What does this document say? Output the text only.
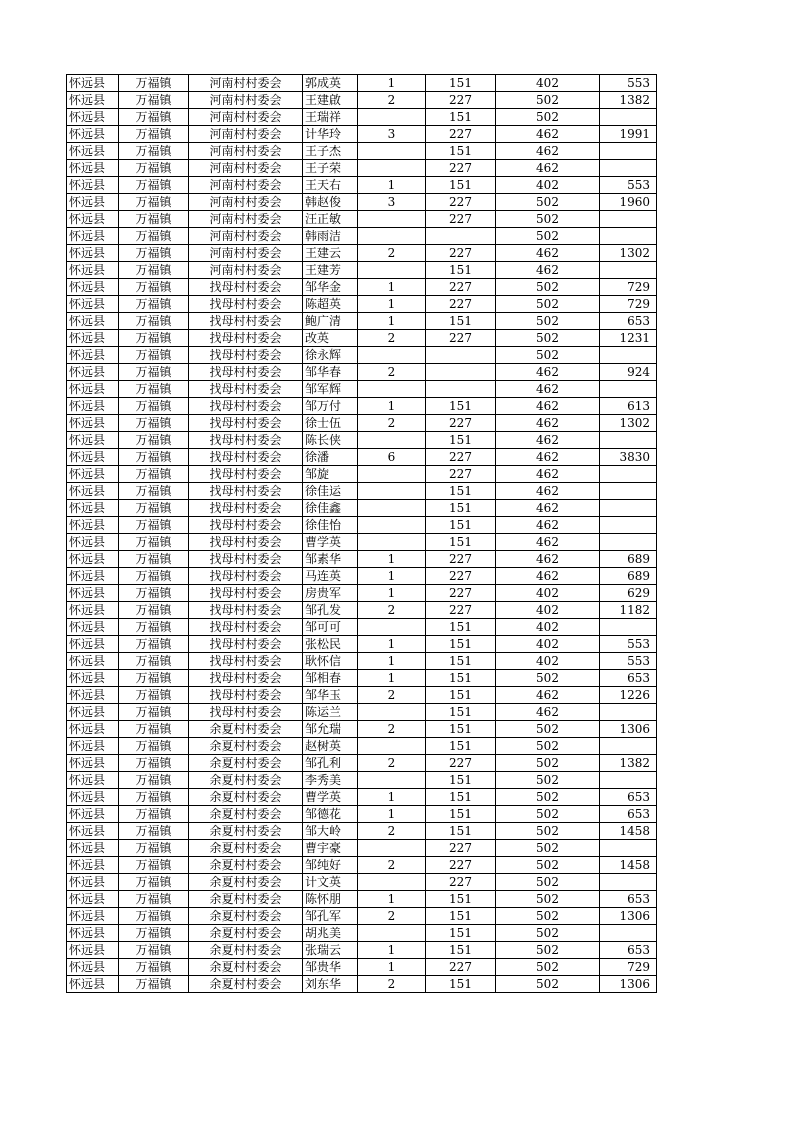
怀远县	万福镇	河南村村委会	郭成英	1	151	402	553
怀远县	万福镇	河南村村委会	王建啟	2	227	502	1382
怀远县	万福镇	河南村村委会	王瑞祥		151	502	
怀远县	万福镇	河南村村委会	计华玲	3	227	462	1991
怀远县	万福镇	河南村村委会	王子杰		151	462	
怀远县	万福镇	河南村村委会	王子荣		227	462	
怀远县	万福镇	河南村村委会	王天右	1	151	402	553
怀远县	万福镇	河南村村委会	韩赵俊	3	227	502	1960
怀远县	万福镇	河南村村委会	汪正敏		227	502	
怀远县	万福镇	河南村村委会	韩雨洁			502	
怀远县	万福镇	河南村村委会	王建云	2	227	462	1302
怀远县	万福镇	河南村村委会	王建芳		151	462	
怀远县	万福镇	找母村村委会	邹华金	1	227	502	729
怀远县	万福镇	找母村村委会	陈超英	1	227	502	729
怀远县	万福镇	找母村村委会	鲍广清	1	151	502	653
怀远县	万福镇	找母村村委会	改英	2	227	502	1231
怀远县	万福镇	找母村村委会	徐永辉			502	
怀远县	万福镇	找母村村委会	邹华春	2		462	924
怀远县	万福镇	找母村村委会	邹军辉			462	
怀远县	万福镇	找母村村委会	邹万付	1	151	462	613
怀远县	万福镇	找母村村委会	徐士伍	2	227	462	1302
怀远县	万福镇	找母村村委会	陈长侠		151	462	
怀远县	万福镇	找母村村委会	徐潘	6	227	462	3830
怀远县	万福镇	找母村村委会	邹旋		227	462	
怀远县	万福镇	找母村村委会	徐佳运		151	462	
怀远县	万福镇	找母村村委会	徐佳鑫		151	462	
怀远县	万福镇	找母村村委会	徐佳怡		151	462	
怀远县	万福镇	找母村村委会	曹学英		151	462	
怀远县	万福镇	找母村村委会	邹素华	1	227	462	689
怀远县	万福镇	找母村村委会	马连英	1	227	462	689
怀远县	万福镇	找母村村委会	房贵军	1	227	402	629
怀远县	万福镇	找母村村委会	邹孔发	2	227	402	1182
怀远县	万福镇	找母村村委会	邹可可		151	402	
怀远县	万福镇	找母村村委会	张松民	1	151	402	553
怀远县	万福镇	找母村村委会	耿怀信	1	151	402	553
怀远县	万福镇	找母村村委会	邹相春	1	151	502	653
怀远县	万福镇	找母村村委会	邹华玉	2	151	462	1226
怀远县	万福镇	找母村村委会	陈运兰		151	462	
怀远县	万福镇	余夏村村委会	邹允瑞	2	151	502	1306
怀远县	万福镇	余夏村村委会	赵树英		151	502	
怀远县	万福镇	余夏村村委会	邹孔利	2	227	502	1382
怀远县	万福镇	余夏村村委会	李秀美		151	502	
怀远县	万福镇	余夏村村委会	曹学英	1	151	502	653
怀远县	万福镇	余夏村村委会	邹德花	1	151	502	653
怀远县	万福镇	余夏村村委会	邹大岭	2	151	502	1458
怀远县	万福镇	余夏村村委会	曹宇豪		227	502	
怀远县	万福镇	余夏村村委会	邹纯好	2	227	502	1458
怀远县	万福镇	余夏村村委会	计文英		227	502	
怀远县	万福镇	余夏村村委会	陈怀朋	1	151	502	653
怀远县	万福镇	余夏村村委会	邹孔军	2	151	502	1306
怀远县	万福镇	余夏村村委会	胡兆美		151	502	
怀远县	万福镇	余夏村村委会	张瑞云	1	151	502	653
怀远县	万福镇	余夏村村委会	邹贵华	1	227	502	729
怀远县	万福镇	余夏村村委会	刘东华	2	151	502	1306
